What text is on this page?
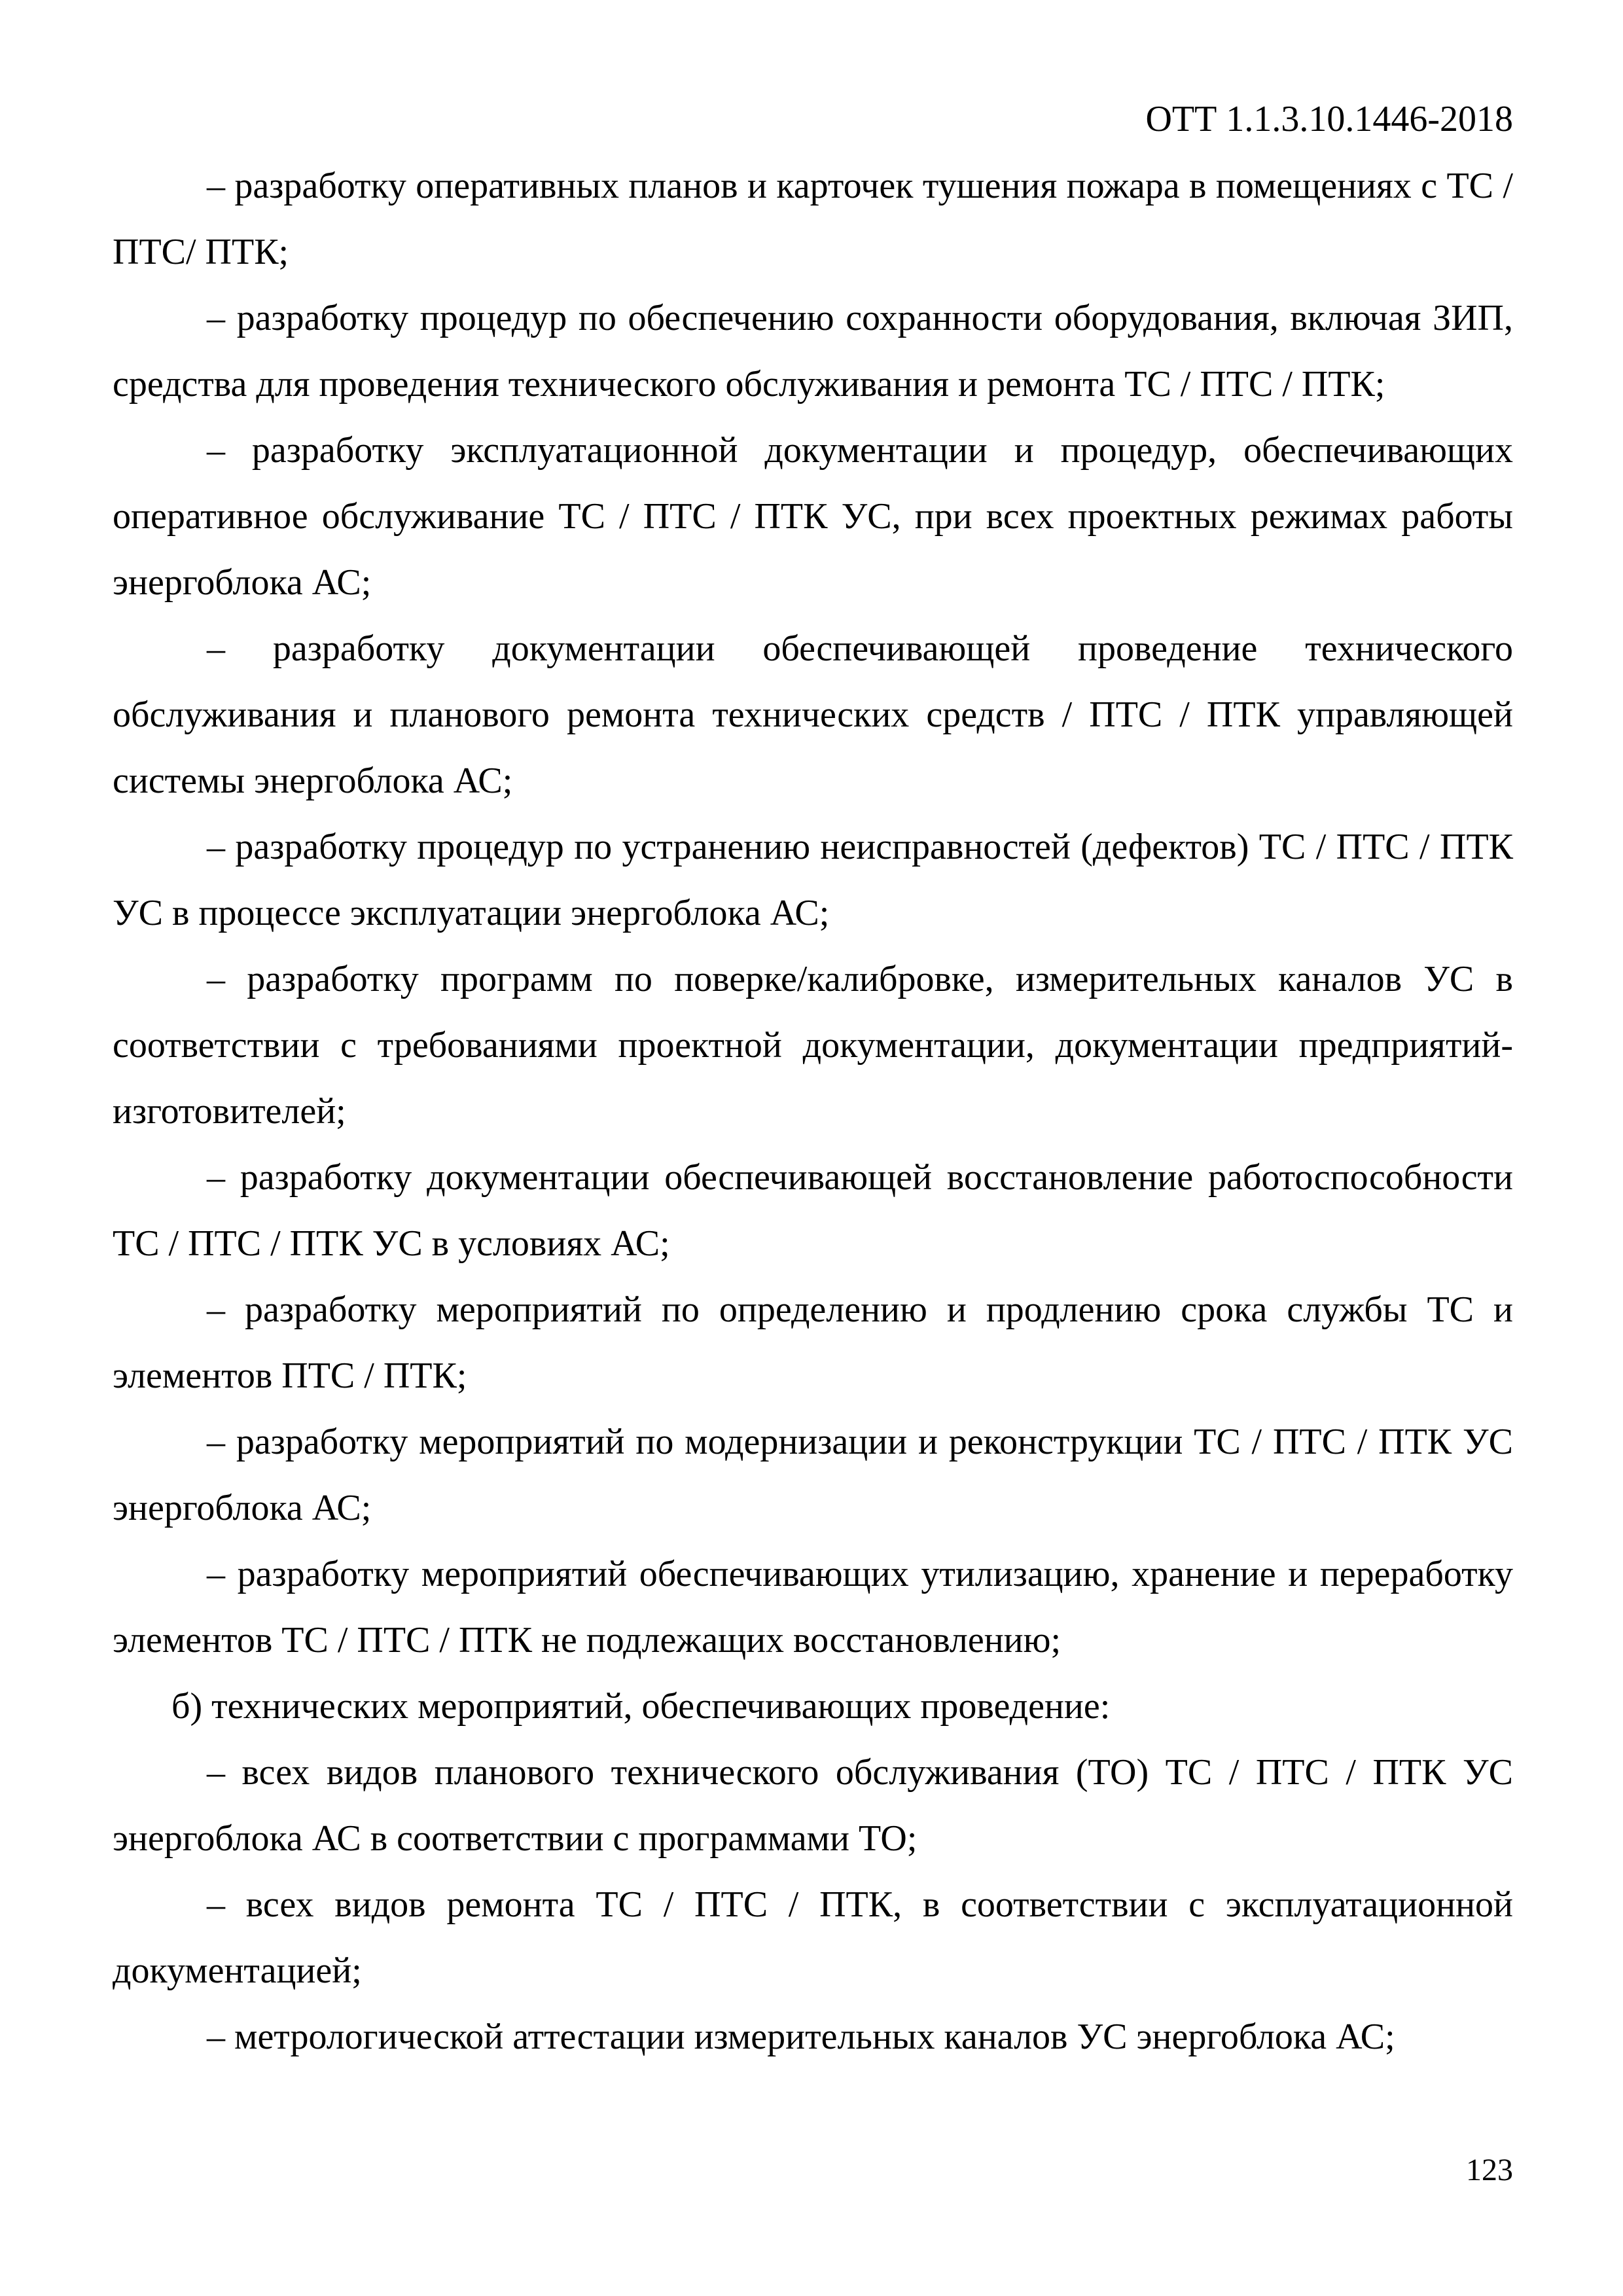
ОТТ 1.1.3.10.1446-2018

– разработку оперативных планов и карточек тушения пожара в помещениях с ТС / ПТС/ ПТК;

– разработку процедур по обеспечению сохранности оборудования, включая ЗИП, средства для проведения технического обслуживания и ремонта ТС / ПТС / ПТК;

– разработку эксплуатационной документации и процедур, обеспечивающих оперативное обслуживание ТС / ПТС / ПТК УС, при всех проектных режимах работы энергоблока АС;

– разработку документации обеспечивающей проведение технического обслуживания и планового ремонта технических средств / ПТС / ПТК управляющей системы энергоблока АС;

– разработку процедур по устранению неисправностей (дефектов) ТС / ПТС / ПТК УС в процессе эксплуатации энергоблока АС;

– разработку программ по поверке/калибровке, измерительных каналов УС в соответствии с требованиями проектной документации, документации предприятий-изготовителей;

– разработку документации обеспечивающей восстановление работоспособности ТС / ПТС / ПТК УС в условиях АС;

– разработку мероприятий по определению и продлению срока службы ТС и элементов ПТС / ПТК;

– разработку мероприятий по модернизации и реконструкции ТС / ПТС / ПТК УС энергоблока АС;

– разработку мероприятий обеспечивающих утилизацию, хранение и переработку элементов ТС / ПТС / ПТК не подлежащих восстановлению;

б) технических мероприятий, обеспечивающих проведение:

– всех видов планового технического обслуживания (ТО) ТС / ПТС / ПТК УС энергоблока АС в соответствии с программами ТО;

– всех видов ремонта ТС / ПТС / ПТК, в соответствии с эксплуатационной документацией;

– метрологической аттестации измерительных каналов УС энергоблока АС;

123
